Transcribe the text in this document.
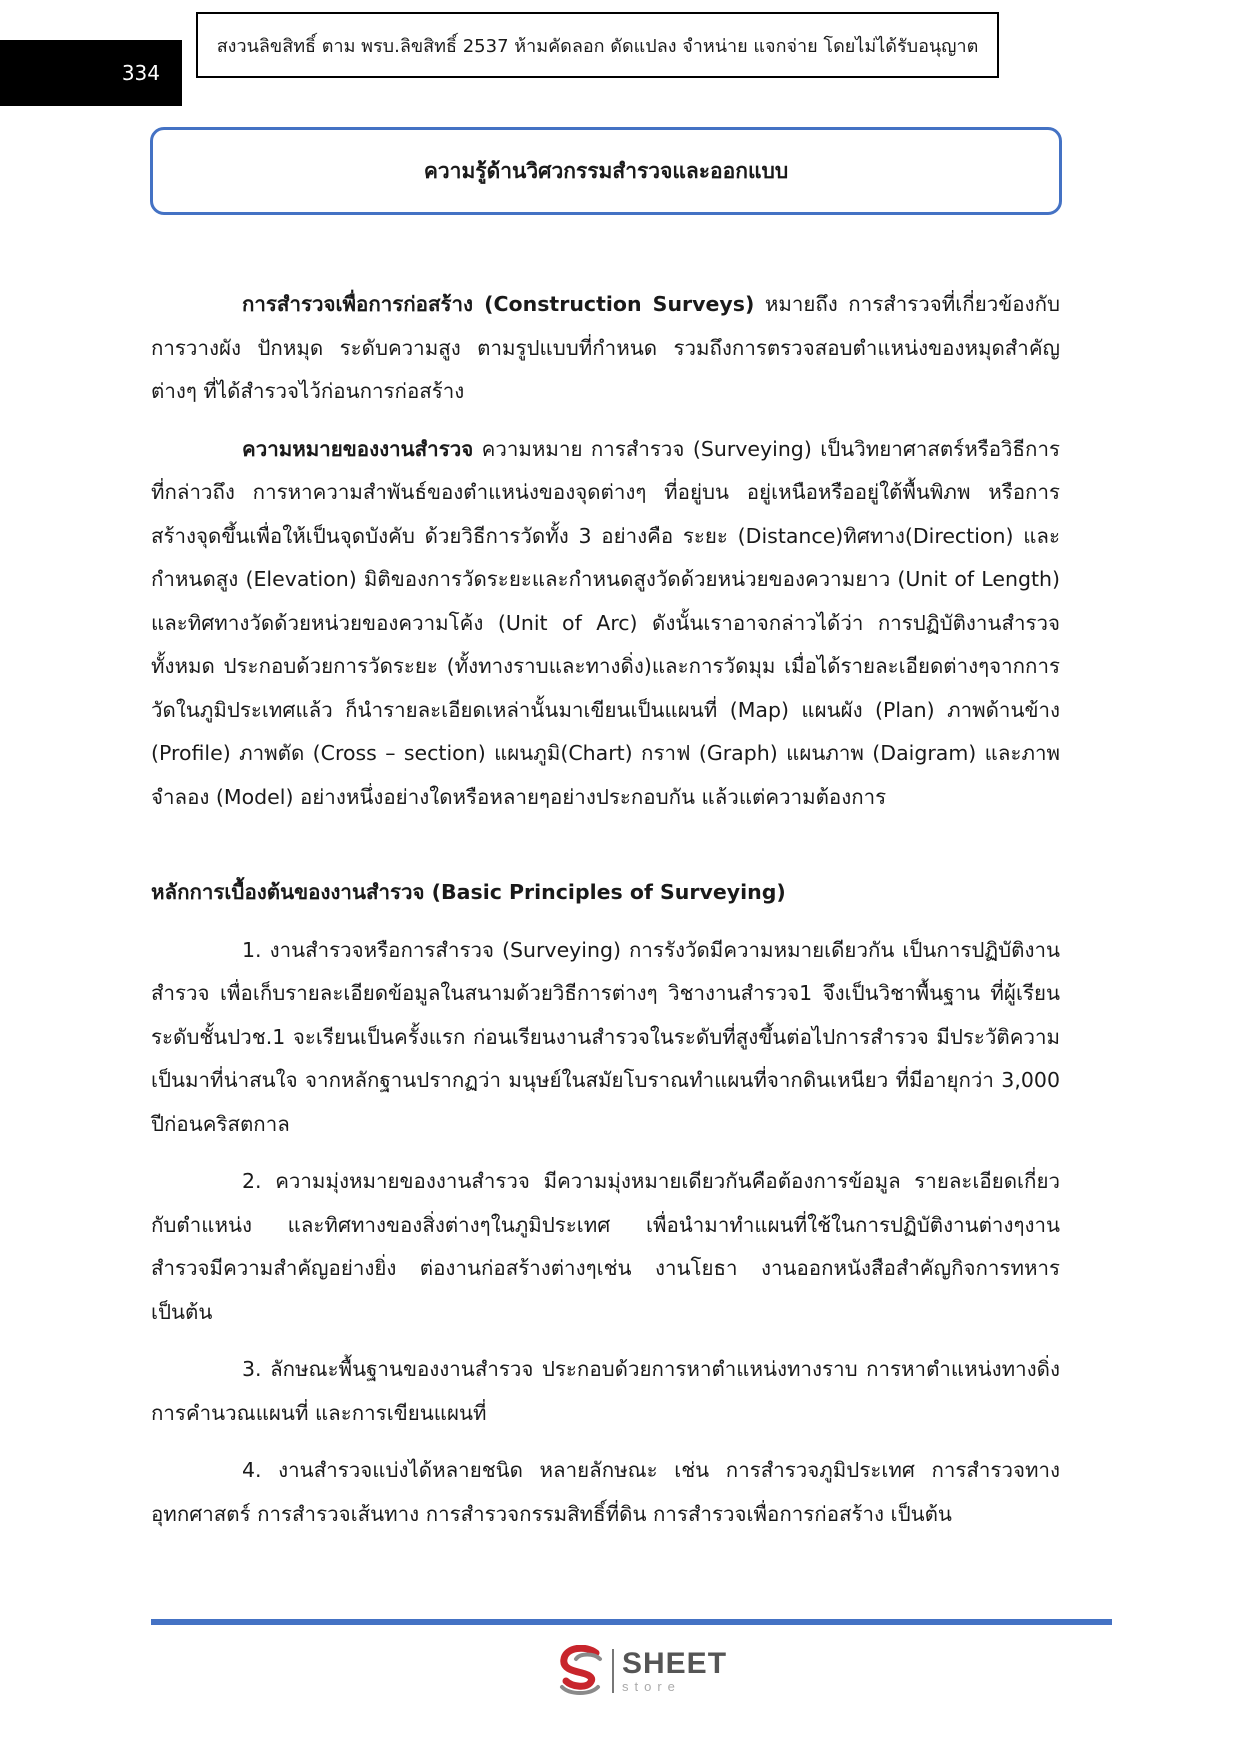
334
สงวนลิขสิทธิ์ ตาม พรบ.ลิขสิทธิ์ 2537 ห้ามคัดลอก ดัดแปลง จำหน่าย แจกจ่าย โดยไม่ได้รับอนุญาต
ความรู้ด้านวิศวกรรมสำรวจและออกแบบ

การสำรวจเพื่อการก่อสร้าง (Construction Surveys) หมายถึง การสำรวจที่เกี่ยวข้องกับการวางผัง ปักหมุด ระดับความสูง ตามรูปแบบที่กำหนด รวมถึงการตรวจสอบตำแหน่งของหมุดสำคัญต่างๆ ที่ได้สำรวจไว้ก่อนการก่อสร้าง

ความหมายของงานสำรวจ ความหมาย การสำรวจ (Surveying) เป็นวิทยาศาสตร์หรือวิธีการที่กล่าวถึง การหาความสำพันธ์ของตำแหน่งของจุดต่างๆ ที่อยู่บน อยู่เหนือหรืออยู่ใต้พื้นพิภพ หรือการสร้างจุดขึ้นเพื่อให้เป็นจุดบังคับ ด้วยวิธีการวัดทั้ง 3 อย่างคือ ระยะ (Distance)ทิศทาง(Direction) และกำหนดสูง (Elevation) มิติของการวัดระยะและกำหนดสูงวัดด้วยหน่วยของความยาว (Unit of Length) และทิศทางวัดด้วยหน่วยของความโค้ง (Unit of Arc) ดังนั้นเราอาจกล่าวได้ว่า การปฏิบัติงานสำรวจทั้งหมด ประกอบด้วยการวัดระยะ (ทั้งทางราบและทางดิ่ง)และการวัดมุม เมื่อได้รายละเอียดต่างๆจากการวัดในภูมิประเทศแล้ว ก็นำรายละเอียดเหล่านั้นมาเขียนเป็นแผนที่ (Map) แผนผัง (Plan) ภาพด้านข้าง (Profile) ภาพตัด (Cross – section) แผนภูมิ(Chart) กราฟ (Graph) แผนภาพ (Daigram) และภาพจำลอง (Model) อย่างหนึ่งอย่างใดหรือหลายๆอย่างประกอบกัน แล้วแต่ความต้องการ

หลักการเบื้องต้นของงานสำรวจ (Basic Principles of Surveying)

1. งานสำรวจหรือการสำรวจ (Surveying) การรังวัดมีความหมายเดียวกัน เป็นการปฏิบัติงานสำรวจ เพื่อเก็บรายละเอียดข้อมูลในสนามด้วยวิธีการต่างๆ วิชางานสำรวจ1 จึงเป็นวิชาพื้นฐาน ที่ผู้เรียนระดับชั้นปวช.1 จะเรียนเป็นครั้งแรก ก่อนเรียนงานสำรวจในระดับที่สูงขึ้นต่อไปการสำรวจ มีประวัติความเป็นมาที่น่าสนใจ จากหลักฐานปรากฏว่า มนุษย์ในสมัยโบราณทำแผนที่จากดินเหนียว ที่มีอายุกว่า 3,000 ปีก่อนคริสตกาล

2. ความมุ่งหมายของงานสำรวจ มีความมุ่งหมายเดียวกันคือต้องการข้อมูล รายละเอียดเกี่ยวกับตำแหน่ง และทิศทางของสิ่งต่างๆในภูมิประเทศ เพื่อนำมาทำแผนที่ใช้ในการปฏิบัติงานต่างๆงานสำรวจมีความสำคัญอย่างยิ่ง ต่องานก่อสร้างต่างๆเช่น งานโยธา งานออกหนังสือสำคัญกิจการทหาร เป็นต้น

3. ลักษณะพื้นฐานของงานสำรวจ ประกอบด้วยการหาตำแหน่งทางราบ การหาตำแหน่งทางดิ่ง การคำนวณแผนที่ และการเขียนแผนที่

4. งานสำรวจแบ่งได้หลายชนิด หลายลักษณะ เช่น การสำรวจภูมิประเทศ การสำรวจทางอุทกศาสตร์ การสำรวจเส้นทาง การสำรวจกรรมสิทธิ์ที่ดิน การสำรวจเพื่อการก่อสร้าง เป็นต้น

SHEET
store
